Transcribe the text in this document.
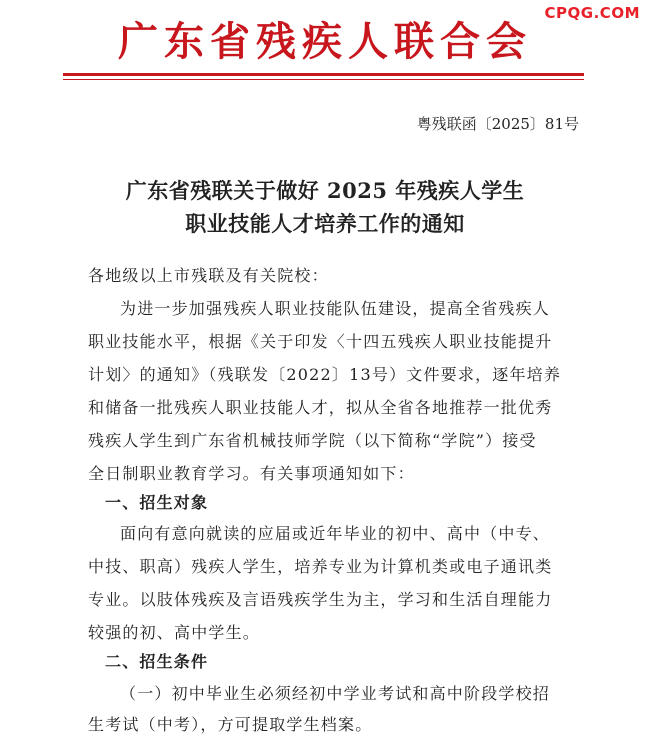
CPQG.COM
广东省残疾人联合会
粤残联函〔2025〕81号
广东省残联关于做好 2025 年残疾人学生
职业技能人才培养工作的通知
各地级以上市残联及有关院校：
为进一步加强残疾人职业技能队伍建设，提高全省残疾人
职业技能水平，根据《关于印发〈十四五残疾人职业技能提升
计划〉的通知》（残联发〔2022〕13号）文件要求，逐年培养
和储备一批残疾人职业技能人才，拟从全省各地推荐一批优秀
残疾人学生到广东省机械技师学院（以下简称“学院”）接受
全日制职业教育学习。有关事项通知如下：
一、招生对象
面向有意向就读的应届或近年毕业的初中、高中（中专、
中技、职高）残疾人学生，培养专业为计算机类或电子通讯类
专业。以肢体残疾及言语残疾学生为主，学习和生活自理能力
较强的初、高中学生。
二、招生条件
（一）初中毕业生必须经初中学业考试和高中阶段学校招
生考试（中考），方可提取学生档案。
